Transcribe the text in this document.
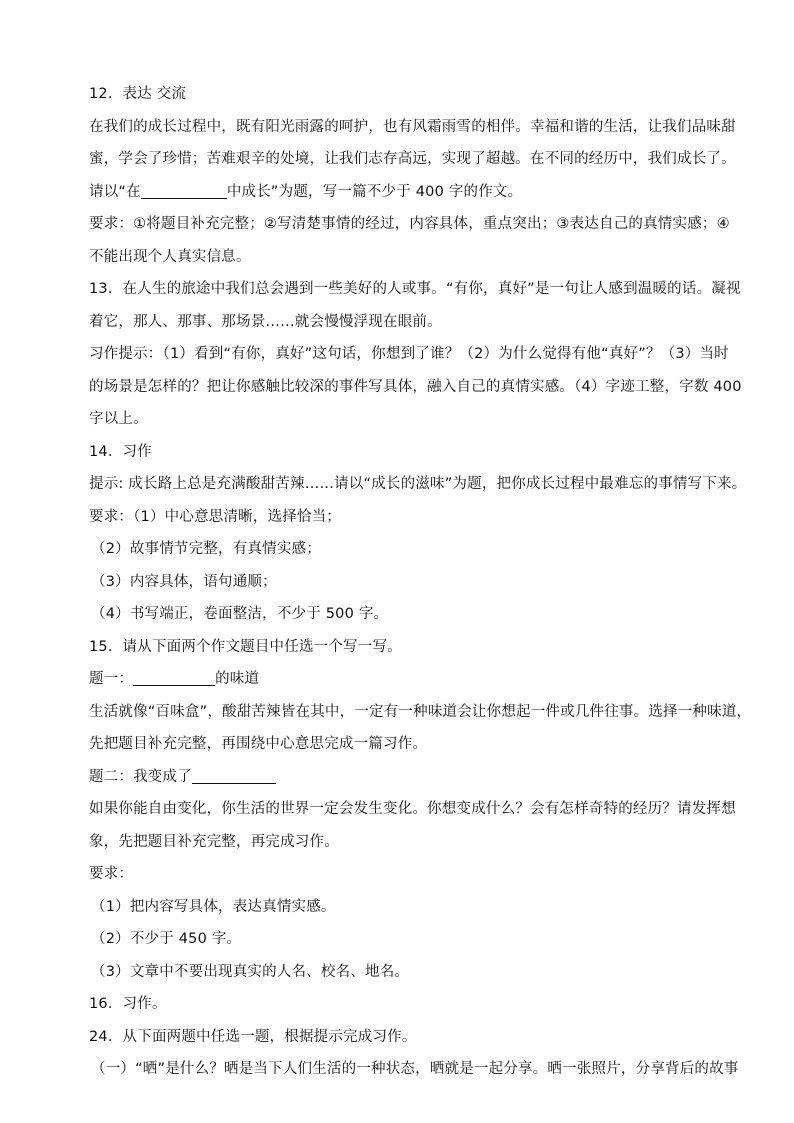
12．表达 交流
在我们的成长过程中，既有阳光雨露的呵护，也有风霜雨雪的相伴。幸福和谐的生活，让我们品味甜
蜜，学会了珍惜；苦难艰辛的处境，让我们志存高远，实现了超越。在不同的经历中，我们成长了。
请以“在	中成长”为题，写一篇不少于 400 字的作文。
要求：①将题目补充完整；②写清楚事情的经过，内容具体，重点突出；③表达自己的真情实感；④
不能出现个人真实信息。
13．在人生的旅途中我们总会遇到一些美好的人或事。“有你，真好”是一句让人感到温暖的话。凝视
着它，那人、那事、那场景……就会慢慢浮现在眼前。
习作提示：（1）看到“有你，真好”这句话，你想到了谁？（2）为什么觉得有他“真好”？（3）当时
的场景是怎样的？把让你感触比较深的事件写具体，融入自己的真情实感。（4）字迹工整，字数 400
字以上。
14．习作
提示: 成长路上总是充满酸甜苦辣……请以“成长的滋味”为题，把你成长过程中最难忘的事情写下来。
要求：（1）中心意思清晰，选择恰当；
（2）故事情节完整，有真情实感；
（3）内容具体，语句通顺；
（4）书写端正，卷面整洁，不少于 500 字。
15．请从下面两个作文题目中任选一个写一写。
题一：	的味道
生活就像“百味盒”，酸甜苦辣皆在其中，一定有一种味道会让你想起一件或几件往事。选择一种味道，
先把题目补充完整，再围绕中心意思完成一篇习作。
题二：我变成了
如果你能自由变化，你生活的世界一定会发生变化。你想变成什么？会有怎样奇特的经历？请发挥想
象，先把题目补充完整，再完成习作。
要求：
（1）把内容写具体，表达真情实感。
（2）不少于 450 字。
（3）文章中不要出现真实的人名、校名、地名。
16．习作。
24．从下面两题中任选一题，根据提示完成习作。
（一）“晒”是什么？晒是当下人们生活的一种状态，晒就是一起分享。晒一张照片，分享背后的故事
